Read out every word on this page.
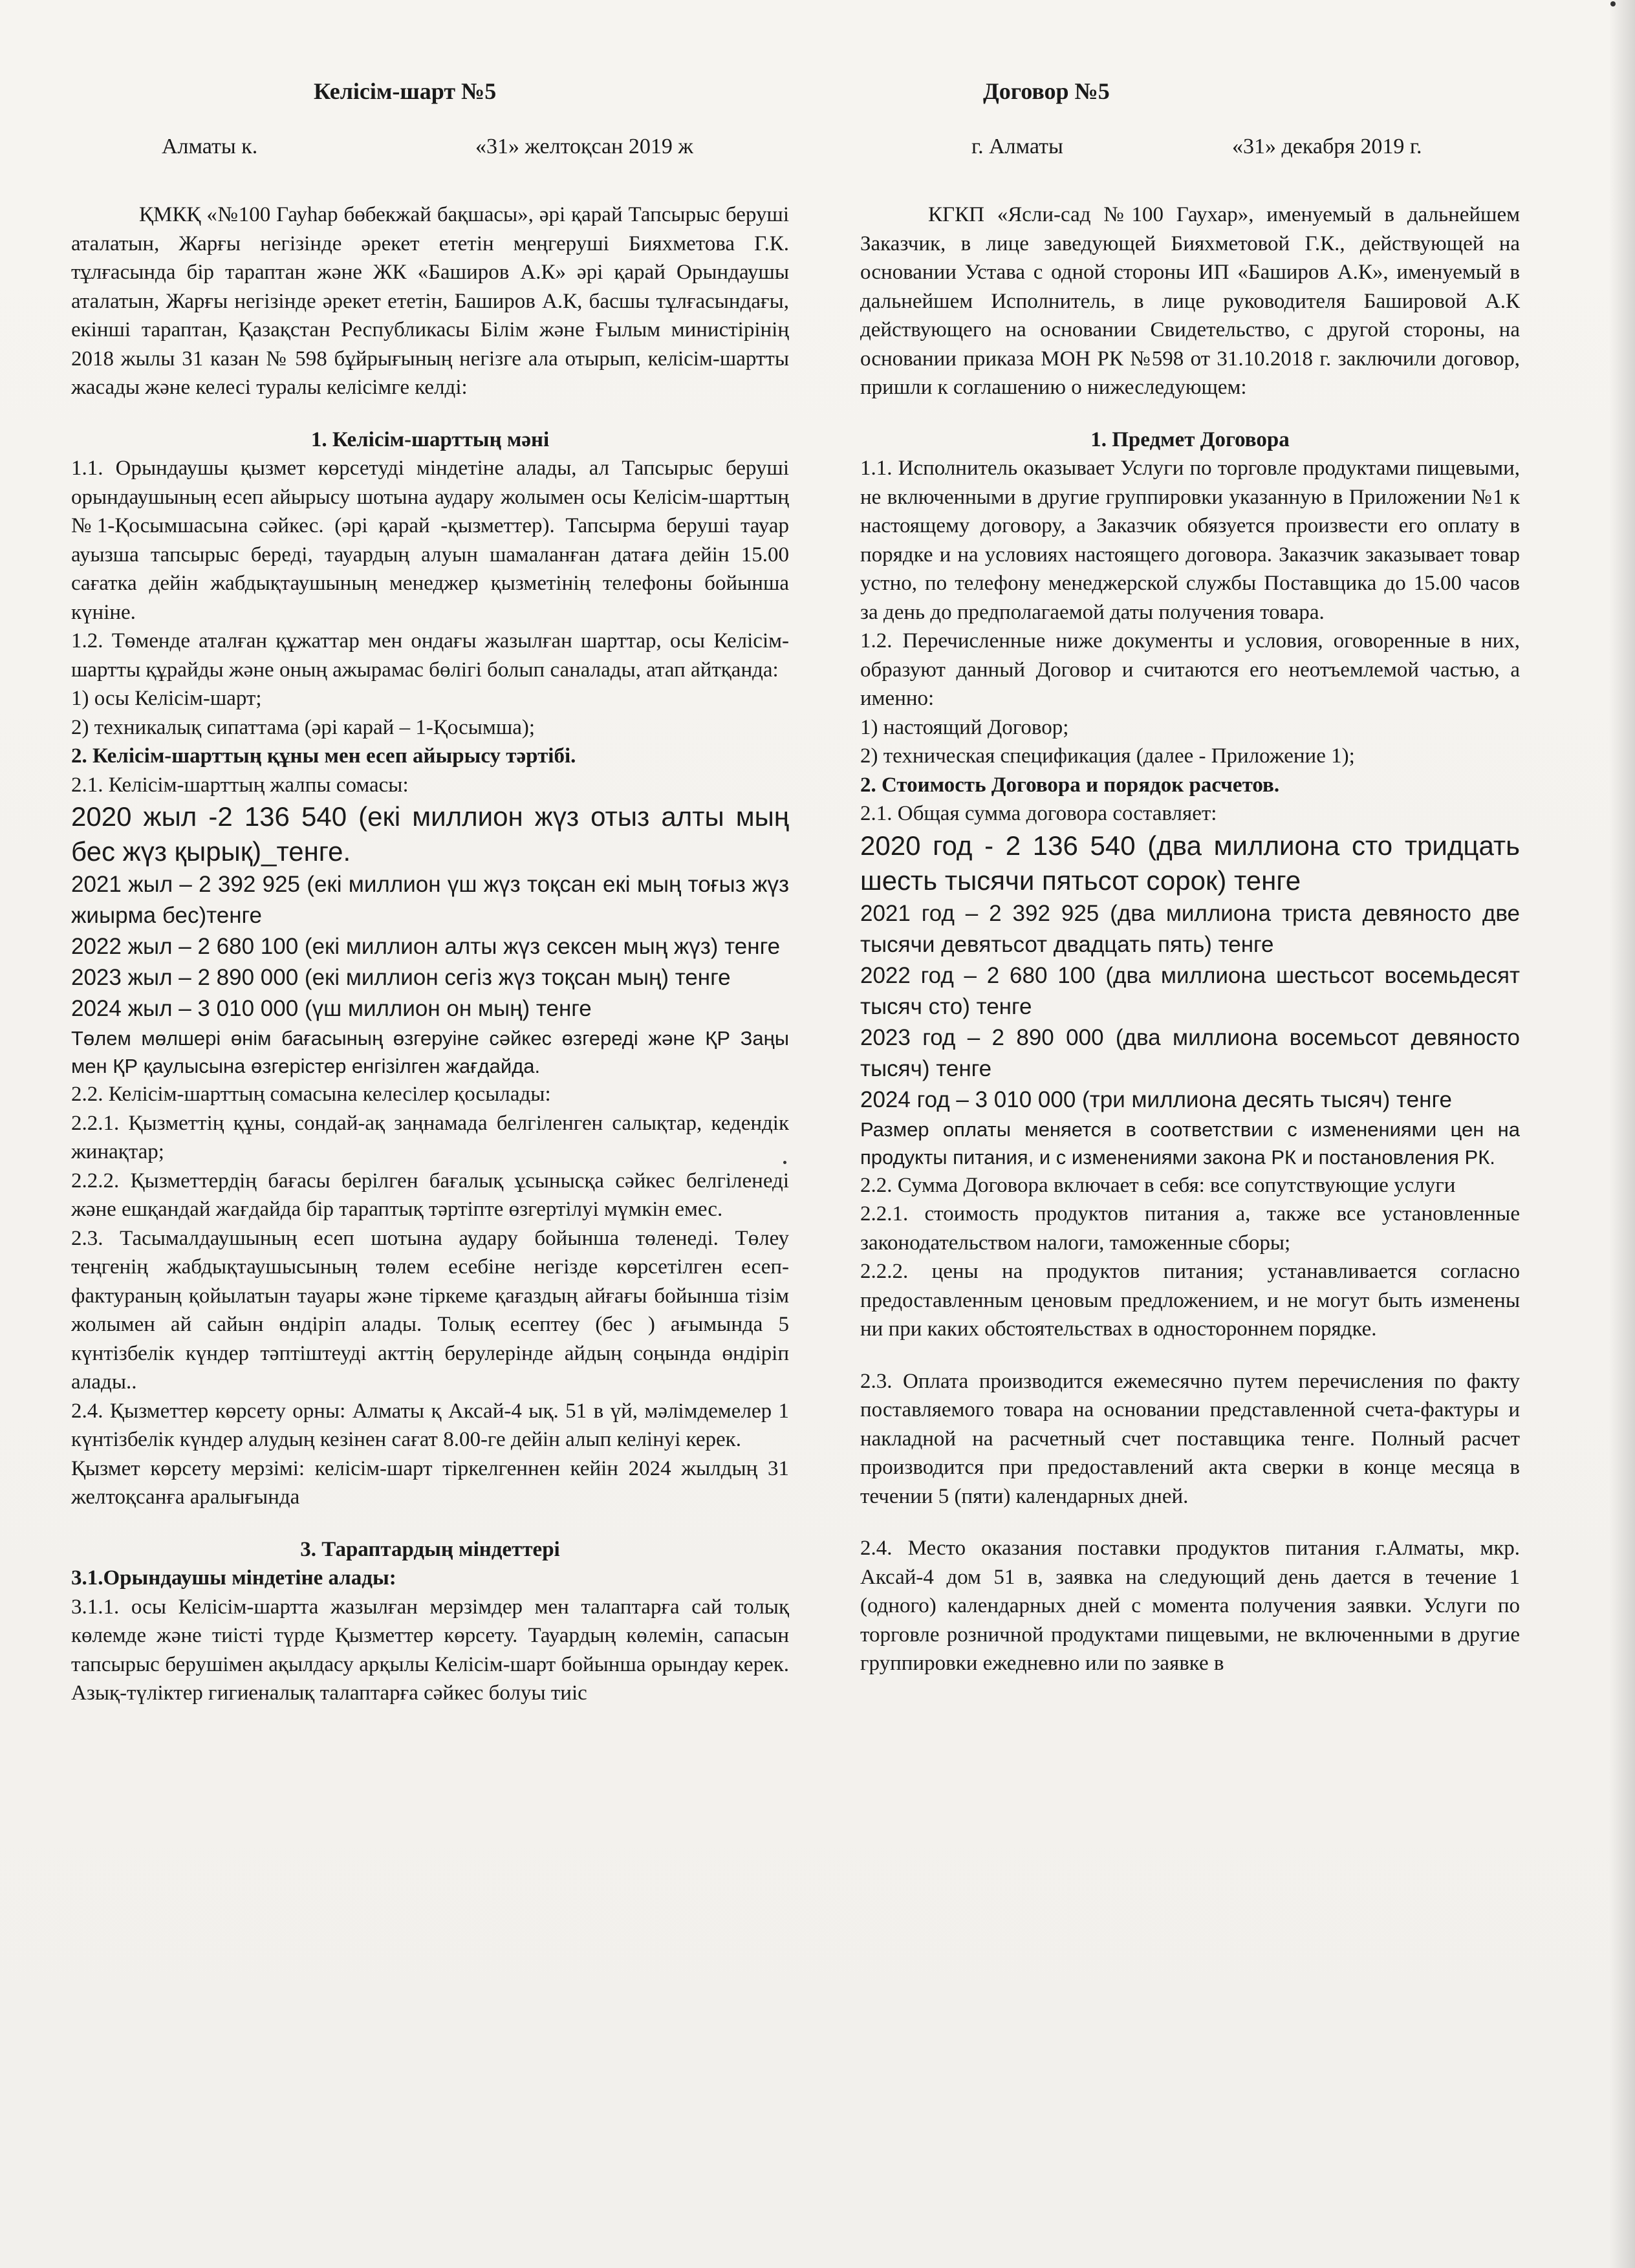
Келісім-шарт №5
Алматы к.	«31» желтоқсан 2019 ж

ҚМКҚ «№100 Гауһар бөбекжай бақшасы», әрі қарай Тапсырыс беруші аталатын, Жарғы негізінде әрекет ететін меңгеруші Бияхметова Г.К. тұлғасында бір тараптан және ЖК «Баширов А.К» әрі қарай Орындаушы аталатын, Жарғы негізінде әрекет ететін, Баширов А.К, басшы тұлғасындағы, екінші тараптан, Қазақстан Республикасы Білім және Ғылым министірінің 2018 жылы 31 казан № 598 бұйрығының негізге ала отырып, келісім-шартты жасады және келесі туралы келісімге келді:

1. Келісім-шарттың мәні

1.1. Орындаушы қызмет көрсетуді міндетіне алады, ал Тапсырыс беруші орындаушының есеп айырысу шотына аудару жолымен осы Келісім-шарттың №1-Қосымшасына сәйкес. (әрі қарай -қызметтер). Тапсырма беруші тауар ауызша тапсырыс береді, тауардың алуын шамаланған датаға дейін 15.00 сағатка дейін жабдықтаушының менеджер қызметінің телефоны бойынша күніне.

1.2. Төменде аталған құжаттар мен ондағы жазылған шарттар, осы Келісім-шартты құрайды және оның ажырамас бөлігі болып саналады, атап айтқанда:

1) осы Келісім-шарт;

2) техникалық сипаттама (әрі карай – 1-Қосымша);

2. Келісім-шарттың құны мен есеп айырысу тәртібі.

2.1. Келісім-шарттың жалпы сомасы:

2020 жыл -2 136 540 (екі миллион жүз отыз алты мың бес жүз қырық)_тенге.

2021 жыл – 2 392 925 (екі миллион үш жүз тоқсан екі мың тоғыз жүз жиырма бес)тенге

2022 жыл – 2 680 100 (екі миллион алты жүз сексен мың жүз) тенге

2023 жыл – 2 890 000 (екі миллион сегіз жүз тоқсан мың) тенге

2024 жыл – 3 010 000 (үш миллион он мың) тенге

Төлем мөлшері өнім бағасының өзгеруіне сәйкес өзгереді және ҚР Заңы мен ҚР қаулысына өзгерістер енгізілген жағдайда.

2.2. Келісім-шарттың сомасына келесілер қосылады:

2.2.1. Қызметтің құны, сондай-ақ заңнамада белгіленген салықтар, кедендік жинақтар;

2.2.2. Қызметтердің бағасы берілген бағалық ұсынысқа сәйкес белгіленеді және ешқандай жағдайда бір тараптық тәртіпте өзгертілуі мүмкін емес.

2.3. Тасымалдаушының есеп шотына аудару бойынша төленеді. Төлеу теңгенің жабдықтаушысының төлем есебіне негізде көрсетілген есеп-фактураның қойылатын тауары және тіркеме қағаздың айғағы бойынша тізім жолымен ай сайын өндіріп алады. Толық есептеу (бес ) ағымында 5 күнтізбелік күндер тәптіштеуді акттің берулерінде айдың соңында өндіріп алады..

2.4. Қызметтер көрсету орны: Алматы қ Аксай-4 ық. 51 в үй, мәлімдемелер 1 күнтізбелік күндер алудың кезінен сағат 8.00-ге дейін алып келінуі керек.

Қызмет көрсету мерзімі: келісім-шарт тіркелгеннен кейін 2024 жылдың 31 желтоқсанға аралығында

3. Тараптардың міндеттері

3.1.Орындаушы міндетіне алады:

3.1.1. осы Келісім-шартта жазылған мерзімдер мен талаптарға сай толық көлемде және тиісті түрде Қызметтер көрсету. Тауардың көлемін, сапасын тапсырыс берушімен ақылдасу арқылы Келісім-шарт бойынша орындау керек. Азық-түліктер гигиеналық талаптарға сәйкес болуы тиіс

Договор №5
г. Алматы	«31» декабря 2019 г.

КГКП «Ясли-сад №100 Гаухар», именуемый в дальнейшем Заказчик, в лице заведующей Бияхметовой Г.К., действующей на основании Устава с одной стороны ИП «Баширов А.К», именуемый в дальнейшем Исполнитель, в лице руководителя Башировой А.К действующего на основании Свидетельство, с другой стороны, на основании приказа МОН РК №598 от 31.10.2018 г. заключили договор, пришли к соглашению о нижеследующем:

1. Предмет Договора

1.1. Исполнитель оказывает Услуги по торговле продуктами пищевыми, не включенными в другие группировки указанную в Приложении №1 к настоящему договору, а Заказчик обязуется произвести его оплату в порядке и на условиях настоящего договора. Заказчик заказывает товар устно, по телефону менеджерской службы Поставщика до 15.00 часов за день до предполагаемой даты получения товара.

1.2. Перечисленные ниже документы и условия, оговоренные в них, образуют данный Договор и считаются его неотъемлемой частью, а именно:

1) настоящий Договор;

2) техническая спецификация (далее - Приложение 1);

2. Стоимость Договора и порядок расчетов.

2.1. Общая сумма договора составляет:

2020 год - 2 136 540 (два миллиона сто тридцать шесть тысячи пятьсот сорок) тенге

2021 год – 2 392 925 (два миллиона триста девяносто две тысячи девятьсот двадцать пять) тенге

2022 год – 2 680 100 (два миллиона шестьсот восемьдесят тысяч сто) тенге

2023 год – 2 890 000 (два миллиона восемьсот девяносто тысяч) тенге

2024 год – 3 010 000 (три миллиона десять тысяч) тенге

Размер оплаты меняется в соответствии с изменениями цен на продукты питания, и с изменениями закона РК и постановления РК.

2.2. Сумма Договора включает в себя: все сопутствующие услуги

2.2.1. стоимость продуктов питания а, также все установленные законодательством налоги, таможенные сборы;

2.2.2. цены на продуктов питания; устанавливается согласно предоставленным ценовым предложением, и не могут быть изменены ни при каких обстоятельствах в одностороннем порядке.

2.3. Оплата производится ежемесячно путем перечисления по факту поставляемого товара на основании представленной счета-фактуры и накладной на расчетный счет поставщика тенге. Полный расчет производится при предоставлений акта сверки в конце месяца в течении 5 (пяти) календарных дней.

2.4. Место оказания поставки продуктов питания г.Алматы, мкр. Аксай-4 дом 51 в, заявка на следующий день дается в течение 1 (одного) календарных дней с момента получения заявки. Услуги по торговле розничной продуктами пищевыми, не включенными в другие группировки ежедневно или по заявке в
